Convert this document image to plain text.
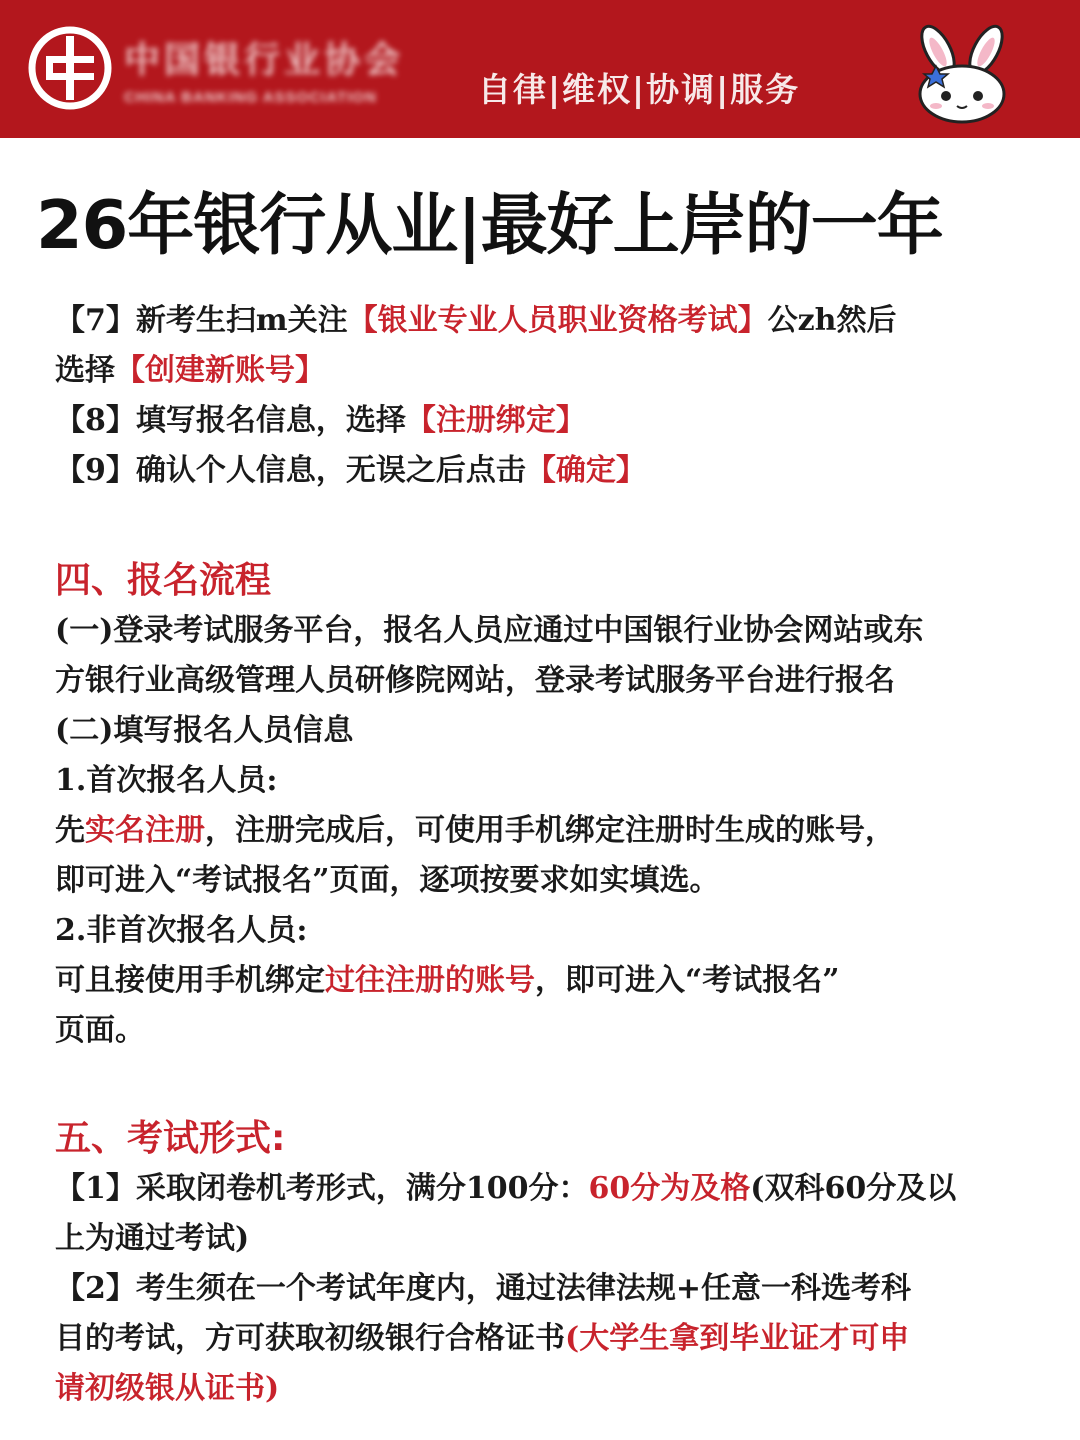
中国银行业协会
CHINA BANKING ASSOCIATION	自律|维权|协调|服务
26年银行从业|最好上岸的一年
【7】新考生扫m关注【银业专业人员职业资格考试】公zh然后
选择【创建新账号】
【8】填写报名信息，选择【注册绑定】
【9】确认个人信息，无误之后点击【确定】
四、报名流程
(一)登录考试服务平台，报名人员应通过中国银行业协会网站或东
方银行业高级管理人员研修院网站，登录考试服务平台进行报名
(二)填写报名人员信息
1.首次报名人员:
先实名注册，注册完成后，可使用手机绑定注册时生成的账号，
即可进入“考试报名”页面，逐项按要求如实填选。
2.非首次报名人员:
可且接使用手机绑定过往注册的账号，即可进入“考试报名”
页面。
五、考试形式:
【1】采取闭卷机考形式，满分100分：60分为及格(双科60分及以
上为通过考试)
【2】考生须在一个考试年度内，通过法律法规+任意一科选考科
目的考试，方可获取初级银行合格证书(大学生拿到毕业证才可申
请初级银从证书)
